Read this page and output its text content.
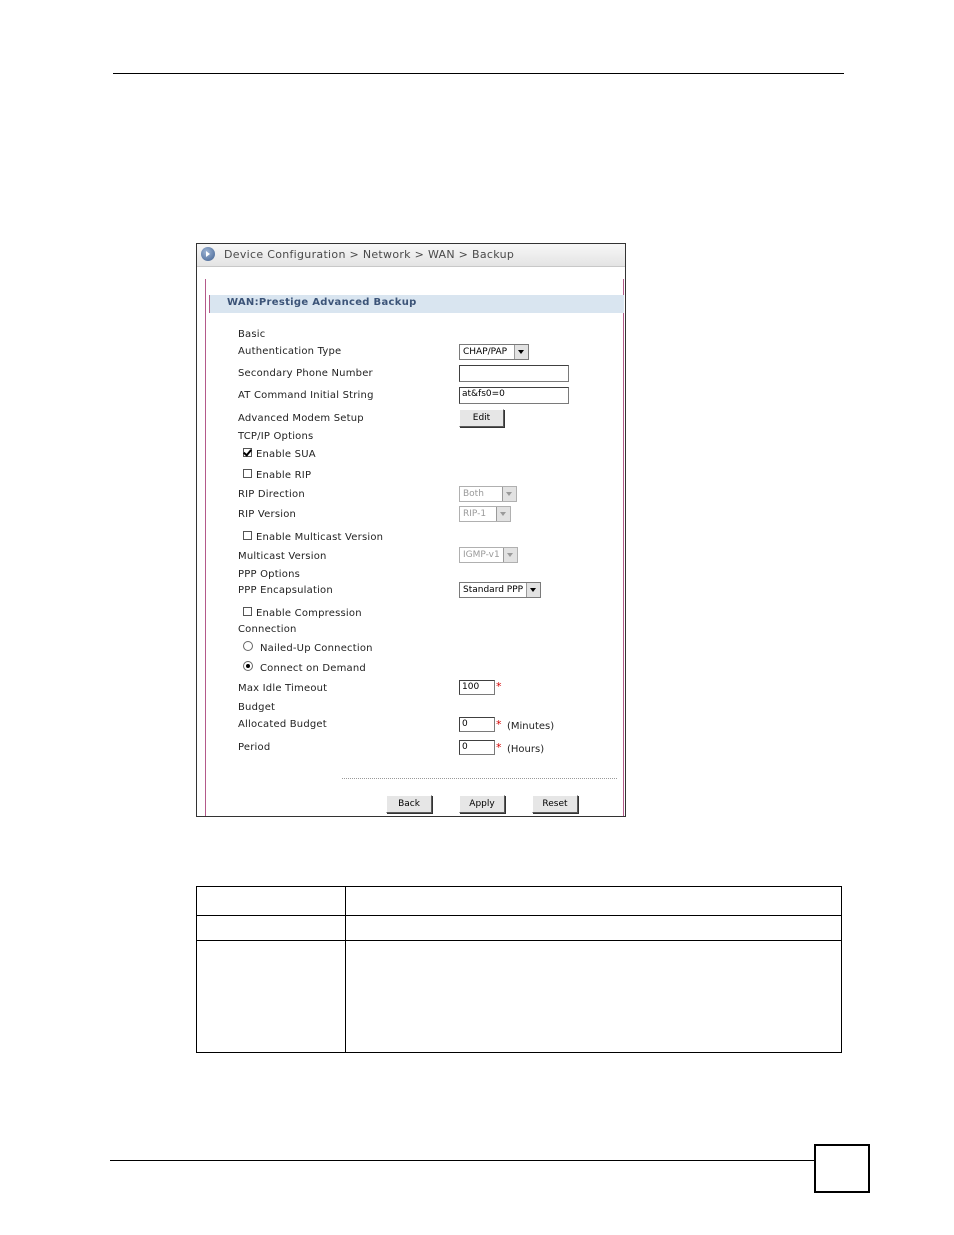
Device Configuration > Network > WAN > Backup
WAN:Prestige Advanced Backup
Basic
Authentication Type	CHAP/PAP
Secondary Phone Number
AT Command Initial String	at&fs0=0
Advanced Modem Setup	Edit
TCP/IP Options
Enable SUA
Enable RIP
RIP Direction	Both
RIP Version	RIP-1
Enable Multicast Version
Multicast Version	IGMP-v1
PPP Options
PPP Encapsulation	Standard PPP
Enable Compression
Connection
Nailed-Up Connection
Connect on Demand
Max Idle Timeout	100	*
Budget
Allocated Budget	0	* (Minutes)
Period	0	* (Hours)
Back	Apply	Reset
